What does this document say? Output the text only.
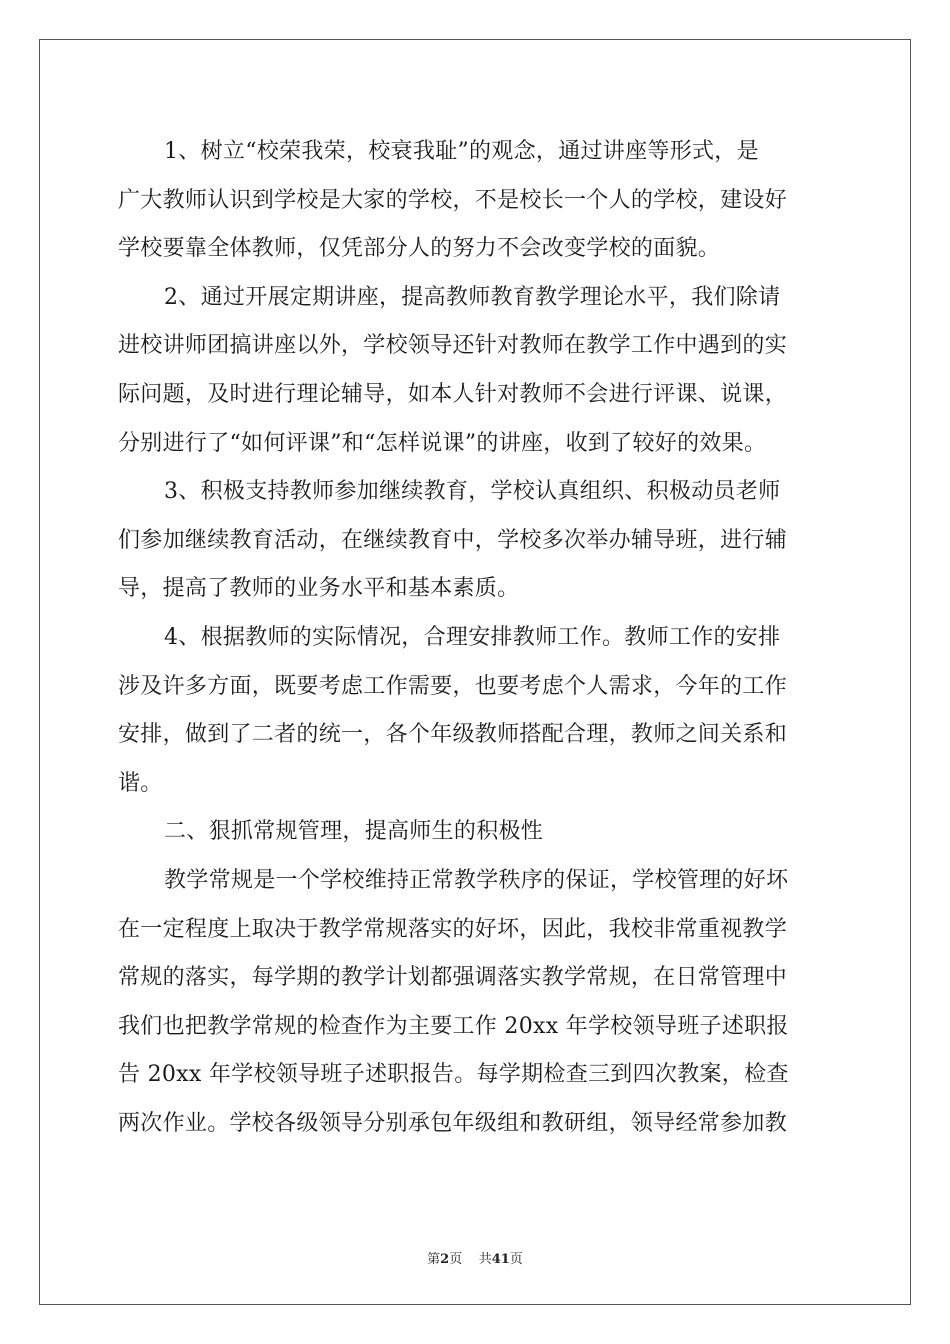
1、树立“校荣我荣，校衰我耻”的观念，通过讲座等形式，是
广大教师认识到学校是大家的学校，不是校长一个人的学校，建设好
学校要靠全体教师，仅凭部分人的努力不会改变学校的面貌。
2、通过开展定期讲座，提高教师教育教学理论水平，我们除请
进校讲师团搞讲座以外，学校领导还针对教师在教学工作中遇到的实
际问题，及时进行理论辅导，如本人针对教师不会进行评课、说课，
分别进行了“如何评课”和“怎样说课”的讲座，收到了较好的效果。
3、积极支持教师参加继续教育，学校认真组织、积极动员老师
们参加继续教育活动，在继续教育中，学校多次举办辅导班，进行辅
导，提高了教师的业务水平和基本素质。
4、根据教师的实际情况，合理安排教师工作。教师工作的安排
涉及许多方面，既要考虑工作需要，也要考虑个人需求，今年的工作
安排，做到了二者的统一，各个年级教师搭配合理，教师之间关系和
谐。
二、狠抓常规管理，提高师生的积极性
教学常规是一个学校维持正常教学秩序的保证，学校管理的好坏
在一定程度上取决于教学常规落实的好坏，因此，我校非常重视教学
常规的落实，每学期的教学计划都强调落实教学常规，在日常管理中
我们也把教学常规的检查作为主要工作 20xx 年学校领导班子述职报
告 20xx 年学校领导班子述职报告。每学期检查三到四次教案，检查
两次作业。学校各级领导分别承包年级组和教研组，领导经常参加教
第2页 共41页
